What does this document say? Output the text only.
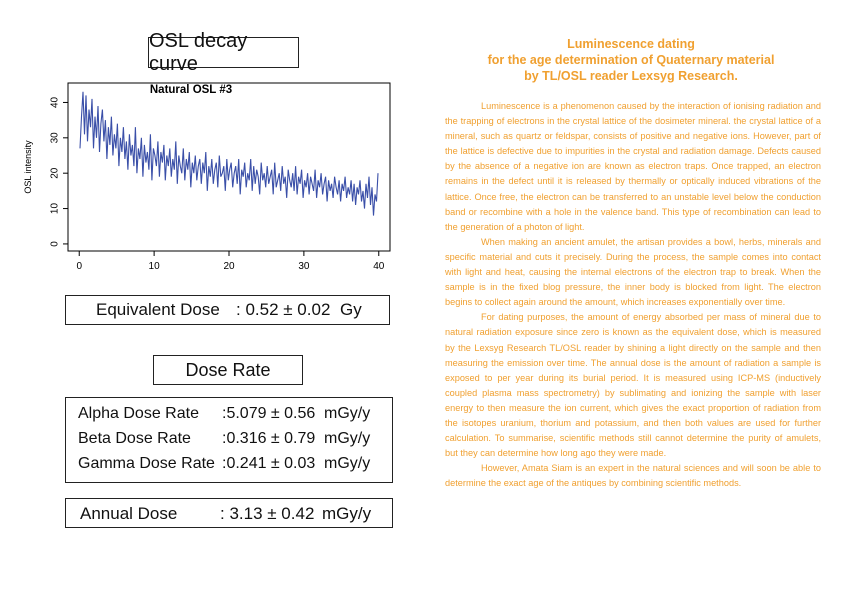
OSL decay curve
Natural OSL #3
0	10	20	30	40
0
10
20
30
40
OSL intensity
Equivalent Dose : 0.52 ± 0.02 Gy
Dose Rate
Alpha Dose Rate :5.079 ± 0.56 mGy/y
Beta Dose Rate :0.316 ± 0.79 mGy/y
Gamma Dose Rate :0.241 ± 0.03 mGy/y
Annual Dose	: 3.13 ± 0.42 mGy/y
Luminescence dating
for the age determination of Quaternary material
by TL/OSL reader Lexsyg Research.

Luminescence is a phenomenon caused by the interaction of ionising radiation and the trapping of electrons in the crystal lattice of the dosimeter mineral. the crystal lattice of a mineral, such as quartz or feldspar, consists of positive and negative ions. However, part of the lattice is defective due to impurities in the crystal and radiation damage. Defects caused by the absence of a negative ion are known as electron traps. Once trapped, an electron remains in the defect until it is released by thermally or optically induced vibrations of the lattice. Once free, the electron can be transferred to an unstable level below the conduction band or recombine with a hole in the valence band. This type of recombination can lead to the generation of a photon of light.

When making an ancient amulet, the artisan provides a bowl, herbs, minerals and specific material and cuts it precisely. During the process, the sample comes into contact with light and heat, causing the internal electrons of the electron trap to break. When the sample is in the fixed blog pressure, the inner body is blocked from light. The electron begins to collect again around the amount, which increases exponentially over time.

For dating purposes, the amount of energy absorbed per mass of mineral due to natural radiation exposure since zero is known as the equivalent dose, which is measured by the Lexsyg Research TL/OSL reader by shining a light directly on the sample and then measuring the emission over time. The annual dose is the amount of radiation a sample is exposed to per year during its burial period. It is measured using ICP-MS (inductively coupled plasma mass spectrometry) by sublimating and ionizing the sample with laser energy to then measure the ion current, which gives the exact proportion of radiation from the isotopes uranium, thorium and potassium, and then both values are used for further calculation. To summarise, scientific methods still cannot determine the purity of amulets, but they can determine how long ago they were made.

However, Amata Siam is an expert in the natural sciences and will soon be able to determine the exact age of the antiques by combining scientific methods.
